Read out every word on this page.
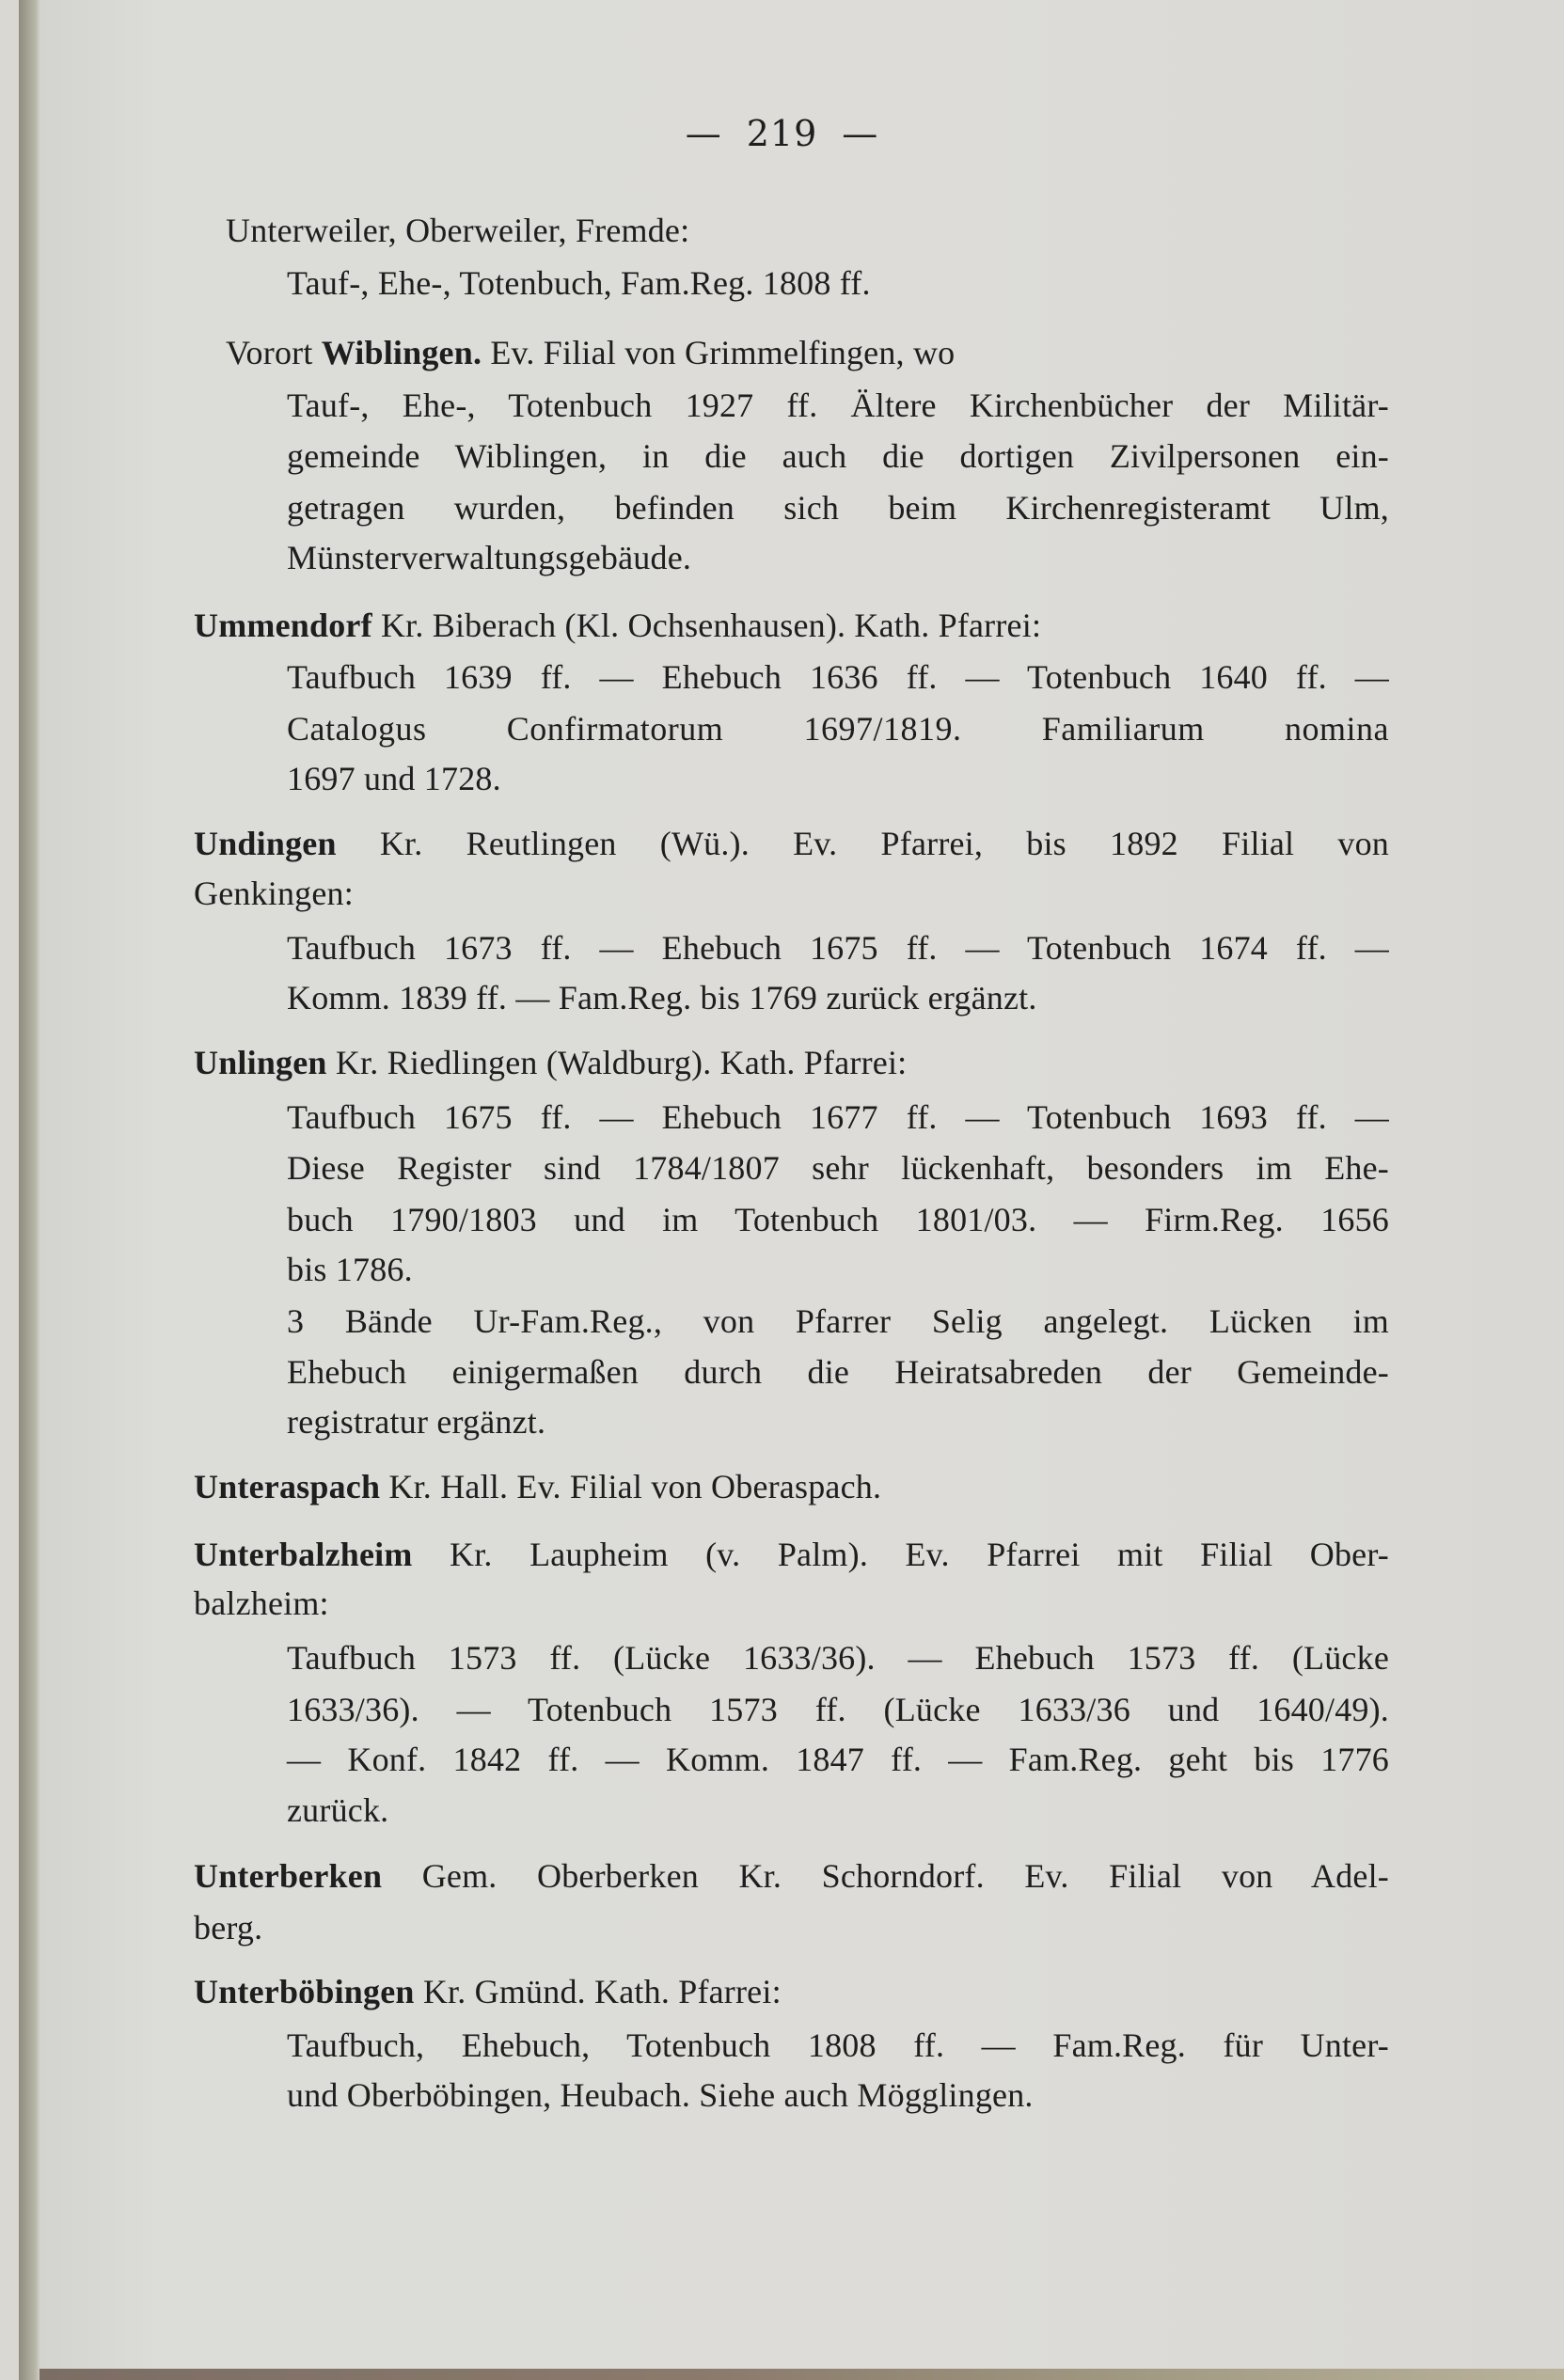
— 219 —
Unterweiler, Oberweiler, Fremde:
Tauf-, Ehe-, Totenbuch, Fam.Reg. 1808 ff.
Vorort Wiblingen. Ev. Filial von Grimmelfingen, wo
Tauf-, Ehe-, Totenbuch 1927 ff. Ältere Kirchenbücher der Militär-
gemeinde Wiblingen, in die auch die dortigen Zivilpersonen ein-
getragen wurden, befinden sich beim Kirchenregisteramt Ulm,
Münsterverwaltungsgebäude.
Ummendorf Kr. Biberach (Kl. Ochsenhausen). Kath. Pfarrei:
Taufbuch 1639 ff. — Ehebuch 1636 ff. — Totenbuch 1640 ff. —
Catalogus Confirmatorum 1697/1819. Familiarum nomina
1697 und 1728.
Undingen Kr. Reutlingen (Wü.). Ev. Pfarrei, bis 1892 Filial von
Genkingen:
Taufbuch 1673 ff. — Ehebuch 1675 ff. — Totenbuch 1674 ff. —
Komm. 1839 ff. — Fam.Reg. bis 1769 zurück ergänzt.
Unlingen Kr. Riedlingen (Waldburg). Kath. Pfarrei:
Taufbuch 1675 ff. — Ehebuch 1677 ff. — Totenbuch 1693 ff. —
Diese Register sind 1784/1807 sehr lückenhaft, besonders im Ehe-
buch 1790/1803 und im Totenbuch 1801/03. — Firm.Reg. 1656
bis 1786.
3 Bände Ur-Fam.Reg., von Pfarrer Selig angelegt. Lücken im
Ehebuch einigermaßen durch die Heiratsabreden der Gemeinde-
registratur ergänzt.
Unteraspach Kr. Hall. Ev. Filial von Oberaspach.
Unterbalzheim Kr. Laupheim (v. Palm). Ev. Pfarrei mit Filial Ober-
balzheim:
Taufbuch 1573 ff. (Lücke 1633/36). — Ehebuch 1573 ff. (Lücke
1633/36). — Totenbuch 1573 ff. (Lücke 1633/36 und 1640/49).
— Konf. 1842 ff. — Komm. 1847 ff. — Fam.Reg. geht bis 1776
zurück.
Unterberken Gem. Oberberken Kr. Schorndorf. Ev. Filial von Adel-
berg.
Unterböbingen Kr. Gmünd. Kath. Pfarrei:
Taufbuch, Ehebuch, Totenbuch 1808 ff. — Fam.Reg. für Unter-
und Oberböbingen, Heubach. Siehe auch Mögglingen.
